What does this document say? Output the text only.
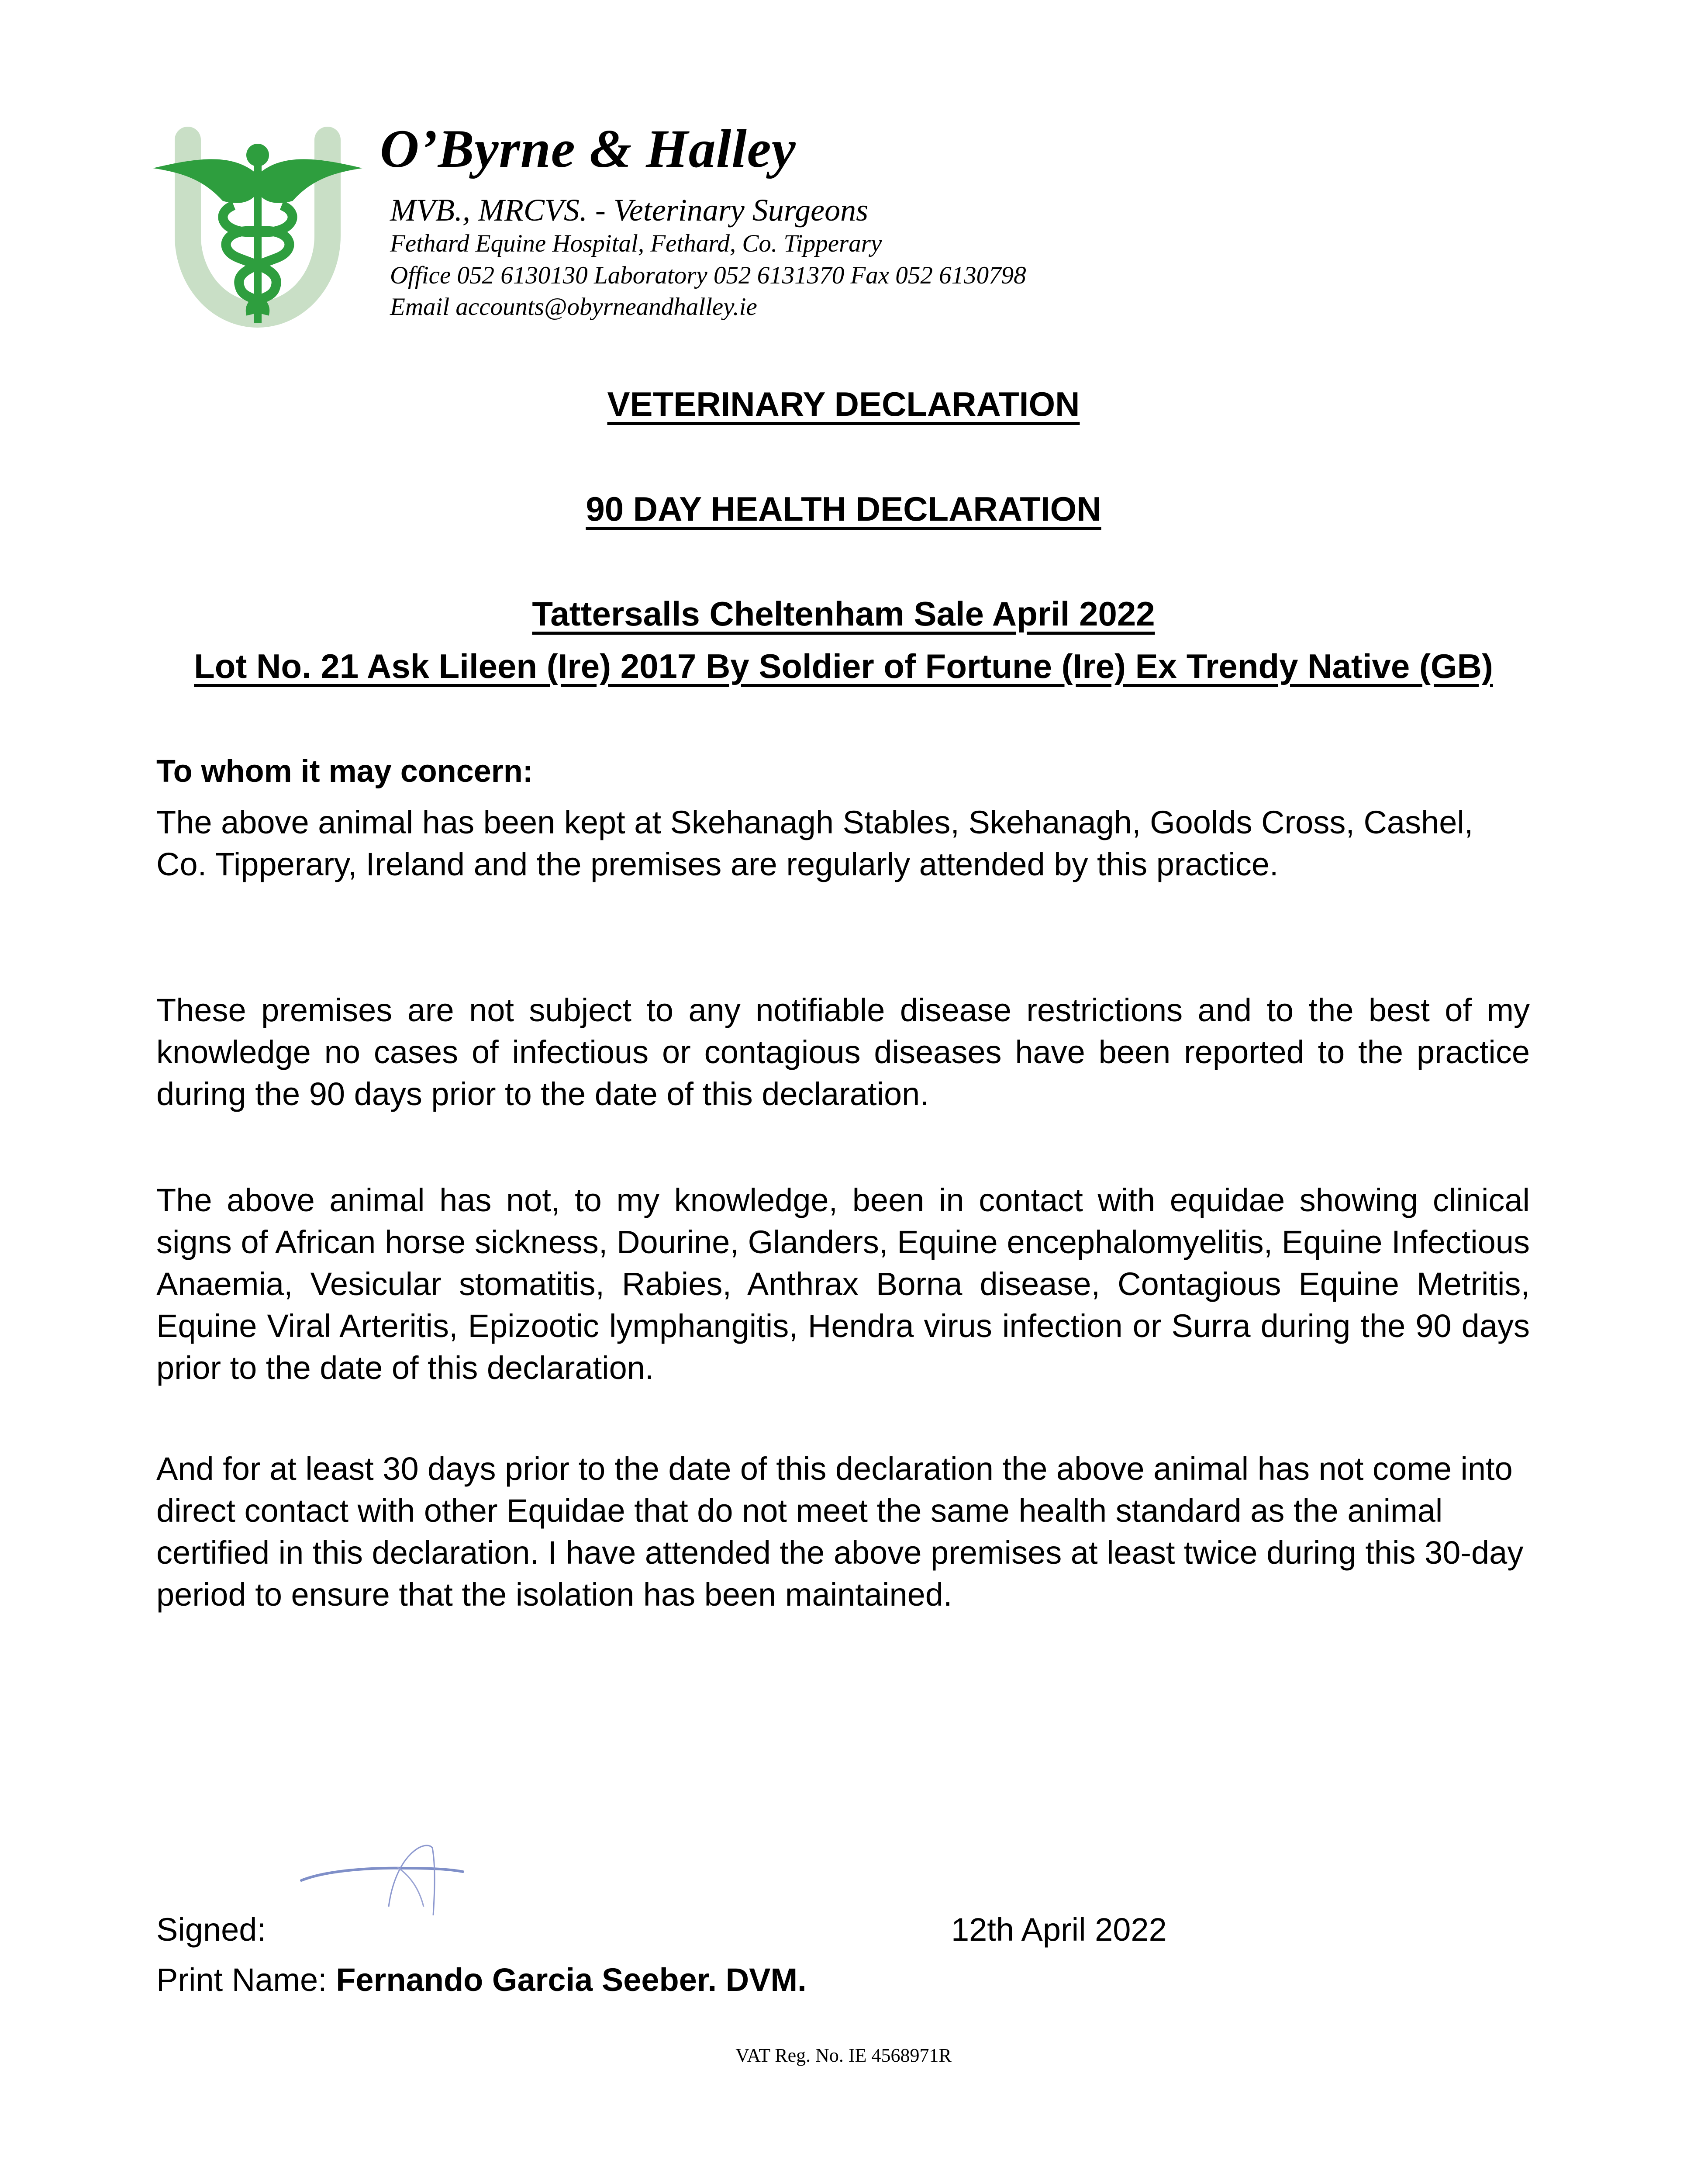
O’Byrne & Halley
MVB., MRCVS. - Veterinary Surgeons
Fethard Equine Hospital, Fethard, Co. Tipperary
Office 052 6130130 Laboratory 052 6131370 Fax 052 6130798
Email accounts@obyrneandhalley.ie
VETERINARY DECLARATION
90 DAY HEALTH DECLARATION
Tattersalls Cheltenham Sale April 2022
Lot No. 21 Ask Lileen (Ire) 2017 By Soldier of Fortune (Ire) Ex Trendy Native (GB)
To whom it may concern:
The above animal has been kept at Skehanagh Stables, Skehanagh, Goolds Cross, Cashel, Co. Tipperary, Ireland and the premises are regularly attended by this practice.
These premises are not subject to any notifiable disease restrictions and to the best of my knowledge no cases of infectious or contagious diseases have been reported to the practice during the 90 days prior to the date of this declaration.
The above animal has not, to my knowledge, been in contact with equidae showing clinical signs of African horse sickness, Dourine, Glanders, Equine encephalomyelitis, Equine Infectious Anaemia, Vesicular stomatitis, Rabies, Anthrax Borna disease, Contagious Equine Metritis, Equine Viral Arteritis, Epizootic lymphangitis, Hendra virus infection or Surra during the 90 days prior to the date of this declaration.
And for at least 30 days prior to the date of this declaration the above animal has not come into direct contact with other Equidae that do not meet the same health standard as the animal certified in this declaration. I have attended the above premises at least twice during this 30-day period to ensure that the isolation has been maintained.
Signed:	12th April 2022
Print Name: Fernando Garcia Seeber. DVM.
VAT Reg. No. IE 4568971R
